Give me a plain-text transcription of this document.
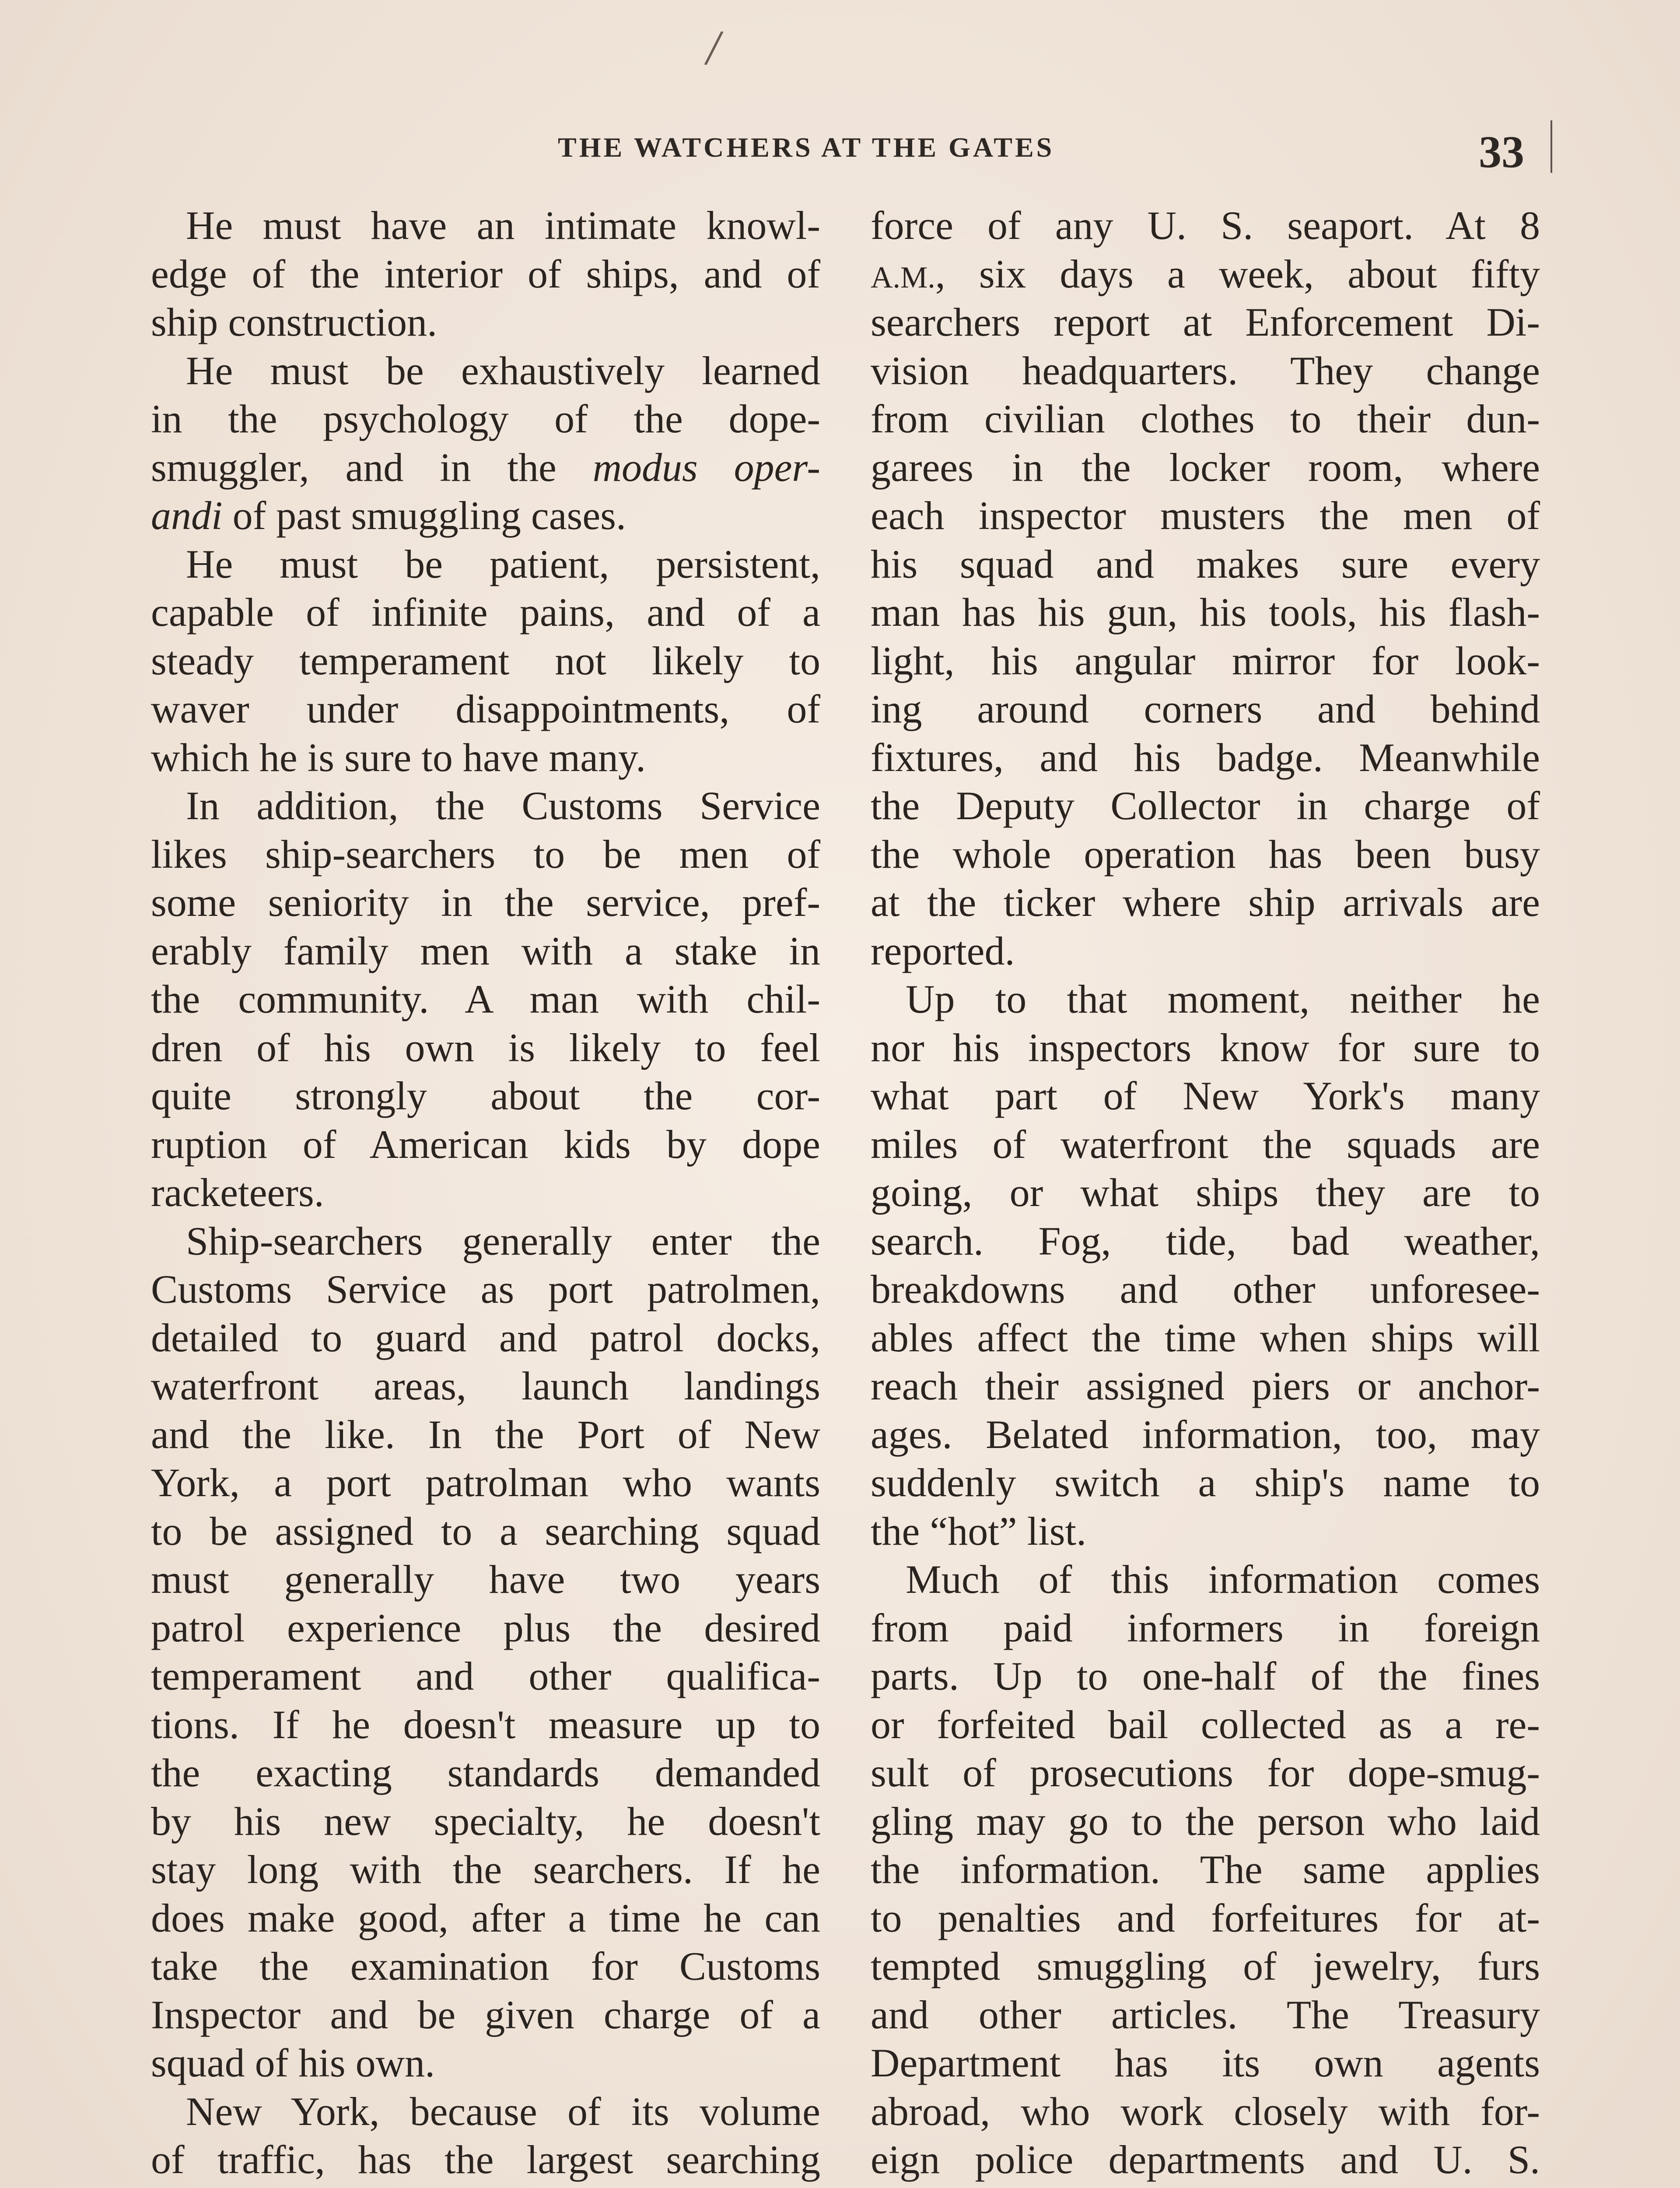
/
THE WATCHERS AT THE GATES	33
He must have an intimate knowl-
edge of the interior of ships, and of
ship construction.
He must be exhaustively learned
in the psychology of the dope-
smuggler, and in the modus oper-
andi of past smuggling cases.
He must be patient, persistent,
capable of infinite pains, and of a
steady temperament not likely to
waver under disappointments, of
which he is sure to have many.
In addition, the Customs Service
likes ship-searchers to be men of
some seniority in the service, pref-
erably family men with a stake in
the community. A man with chil-
dren of his own is likely to feel
quite strongly about the cor-
ruption of American kids by dope
racketeers.
Ship-searchers generally enter the
Customs Service as port patrolmen,
detailed to guard and patrol docks,
waterfront areas, launch landings
and the like. In the Port of New
York, a port patrolman who wants
to be assigned to a searching squad
must generally have two years
patrol experience plus the desired
temperament and other qualifica-
tions. If he doesn't measure up to
the exacting standards demanded
by his new specialty, he doesn't
stay long with the searchers. If he
does make good, after a time he can
take the examination for Customs
Inspector and be given charge of a
squad of his own.
New York, because of its volume
of traffic, has the largest searching
force of any U. S. seaport. At 8
A.M., six days a week, about fifty
searchers report at Enforcement Di-
vision headquarters. They change
from civilian clothes to their dun-
garees in the locker room, where
each inspector musters the men of
his squad and makes sure every
man has his gun, his tools, his flash-
light, his angular mirror for look-
ing around corners and behind
fixtures, and his badge. Meanwhile
the Deputy Collector in charge of
the whole operation has been busy
at the ticker where ship arrivals are
reported.
Up to that moment, neither he
nor his inspectors know for sure to
what part of New York's many
miles of waterfront the squads are
going, or what ships they are to
search. Fog, tide, bad weather,
breakdowns and other unforesee-
ables affect the time when ships will
reach their assigned piers or anchor-
ages. Belated information, too, may
suddenly switch a ship's name to
the “hot” list.
Much of this information comes
from paid informers in foreign
parts. Up to one-half of the fines
or forfeited bail collected as a re-
sult of prosecutions for dope-smug-
gling may go to the person who laid
the information. The same applies
to penalties and forfeitures for at-
tempted smuggling of jewelry, furs
and other articles. The Treasury
Department has its own agents
abroad, who work closely with for-
eign police departments and U. S.
